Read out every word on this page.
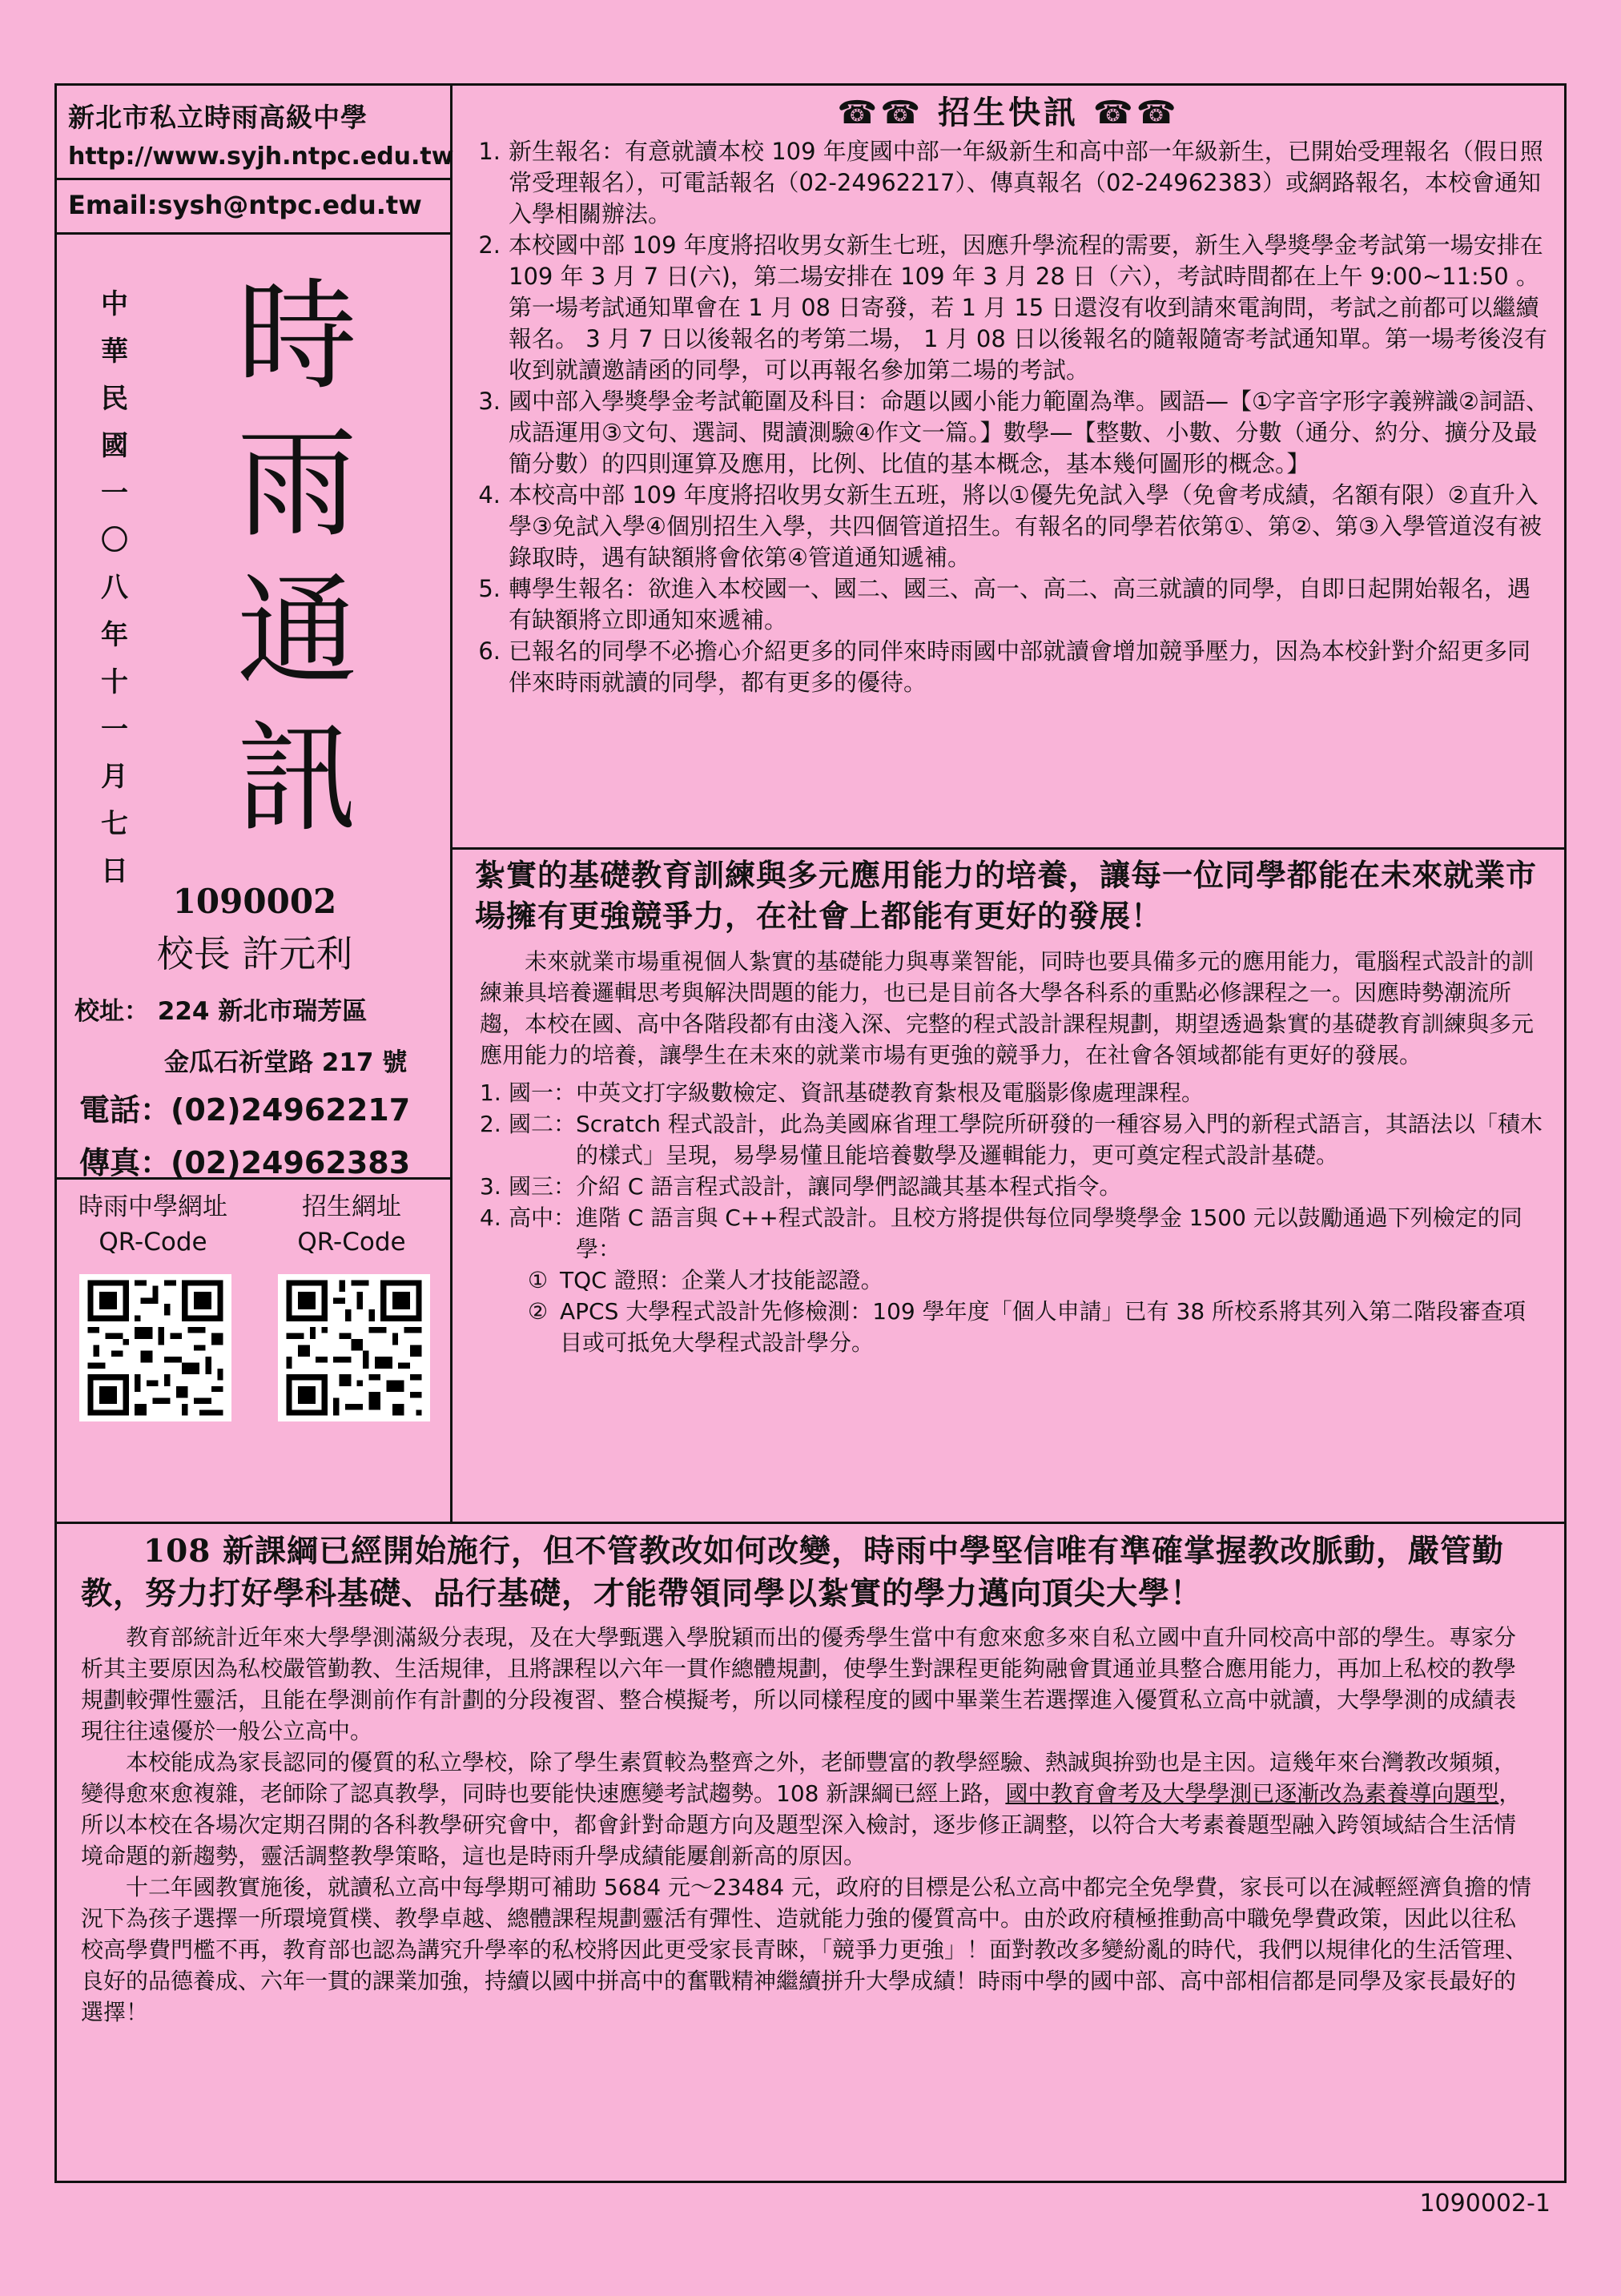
新北市私立時雨高級中學
http://www.syjh.ntpc.edu.tw
Email:sysh@ntpc.edu.tw
中
華
民
國
一
〇
八
年
十
一
月
七
日
時
雨
通
訊
1090002
校長 許元利
校址： 224 新北市瑞芳區
金瓜石祈堂路 217 號
電話：(02)24962217
傳真：(02)24962383
時雨中學網址
QR-Code
招生網址
QR-Code
☎☎ 招生快訊 ☎☎
1. 新生報名：有意就讀本校 109 年度國中部一年級新生和高中部一年級新生，已開始受理報名（假日照常受理報名），可電話報名（02-24962217）、傳真報名（02-24962383）或網路報名，本校會通知入學相關辦法。
2. 本校國中部 109 年度將招收男女新生七班，因應升學流程的需要，新生入學獎學金考試第一場安排在 109 年 3 月 7 日(六)，第二場安排在 109 年 3 月 28 日（六），考試時間都在上午 9:00~11:50 。第一場考試通知單會在 1 月 08 日寄發，若 1 月 15 日還沒有收到請來電詢問，考試之前都可以繼續報名。 3 月 7 日以後報名的考第二場， 1 月 08 日以後報名的隨報隨寄考試通知單。第一場考後沒有收到就讀邀請函的同學，可以再報名參加第二場的考試。
3. 國中部入學獎學金考試範圍及科目：命題以國小能力範圍為準。國語—【①字音字形字義辨識②詞語、成語運用③文句、選詞、閱讀測驗④作文一篇。】數學—【整數、小數、分數（通分、約分、擴分及最簡分數）的四則運算及應用，比例、比值的基本概念，基本幾何圖形的概念。】
4. 本校高中部 109 年度將招收男女新生五班，將以①優先免試入學（免會考成績，名額有限）②直升入學③免試入學④個別招生入學，共四個管道招生。有報名的同學若依第①、第②、第③入學管道沒有被錄取時，遇有缺額將會依第④管道通知遞補。
5. 轉學生報名：欲進入本校國一、國二、國三、高一、高二、高三就讀的同學，自即日起開始報名，遇有缺額將立即通知來遞補。
6. 已報名的同學不必擔心介紹更多的同伴來時雨國中部就讀會增加競爭壓力，因為本校針對介紹更多同伴來時雨就讀的同學，都有更多的優待。
紮實的基礎教育訓練與多元應用能力的培養，讓每一位同學都能在未來就業市場擁有更強競爭力，在社會上都能有更好的發展！
未來就業市場重視個人紮實的基礎能力與專業智能，同時也要具備多元的應用能力，電腦程式設計的訓練兼具培養邏輯思考與解決問題的能力，也已是目前各大學各科系的重點必修課程之一。因應時勢潮流所趨，本校在國、高中各階段都有由淺入深、完整的程式設計課程規劃，期望透過紮實的基礎教育訓練與多元應用能力的培養，讓學生在未來的就業市場有更強的競爭力，在社會各領域都能有更好的發展。
1. 國一： 中英文打字級數檢定、資訊基礎教育紮根及電腦影像處理課程。
2. 國二： Scratch 程式設計，此為美國麻省理工學院所研發的一種容易入門的新程式語言，其語法以「積木的樣式」呈現，易學易懂且能培養數學及邏輯能力，更可奠定程式設計基礎。
3. 國三： 介紹 C 語言程式設計，讓同學們認識其基本程式指令。
4. 高中： 進階 C 語言與 C++程式設計。且校方將提供每位同學獎學金 1500 元以鼓勵通過下列檢定的同學：
① TQC 證照：企業人才技能認證。
② APCS 大學程式設計先修檢測：109 學年度「個人申請」已有 38 所校系將其列入第二階段審查項目或可抵免大學程式設計學分。
108 新課綱已經開始施行，但不管教改如何改變，時雨中學堅信唯有準確掌握教改脈動，嚴管勤教，努力打好學科基礎、品行基礎，才能帶領同學以紮實的學力邁向頂尖大學！

教育部統計近年來大學學測滿級分表現，及在大學甄選入學脫穎而出的優秀學生當中有愈來愈多來自私立國中直升同校高中部的學生。專家分析其主要原因為私校嚴管勤教、生活規律，且將課程以六年一貫作總體規劃，使學生對課程更能夠融會貫通並具整合應用能力，再加上私校的教學規劃較彈性靈活，且能在學測前作有計劃的分段複習、整合模擬考，所以同樣程度的國中畢業生若選擇進入優質私立高中就讀，大學學測的成績表現往往遠優於一般公立高中。

本校能成為家長認同的優質的私立學校，除了學生素質較為整齊之外，老師豐富的教學經驗、熱誠與拚勁也是主因。這幾年來台灣教改頻頻，變得愈來愈複雜，老師除了認真教學，同時也要能快速應變考試趨勢。108 新課綱已經上路，國中教育會考及大學學測已逐漸改為素養導向題型，所以本校在各場次定期召開的各科教學研究會中，都會針對命題方向及題型深入檢討，逐步修正調整，以符合大考素養題型融入跨領域結合生活情境命題的新趨勢，靈活調整教學策略，這也是時雨升學成績能屢創新高的原因。

十二年國教實施後，就讀私立高中每學期可補助 5684 元～23484 元，政府的目標是公私立高中都完全免學費，家長可以在減輕經濟負擔的情況下為孩子選擇一所環境質樸、教學卓越、總體課程規劃靈活有彈性、造就能力強的優質高中。由於政府積極推動高中職免學費政策，因此以往私校高學費門檻不再，教育部也認為講究升學率的私校將因此更受家長青睞，「競爭力更強」！面對教改多變紛亂的時代，我們以規律化的生活管理、良好的品德養成、六年一貫的課業加強，持續以國中拼高中的奮戰精神繼續拼升大學成績！時雨中學的國中部、高中部相信都是同學及家長最好的選擇！

1090002-1
